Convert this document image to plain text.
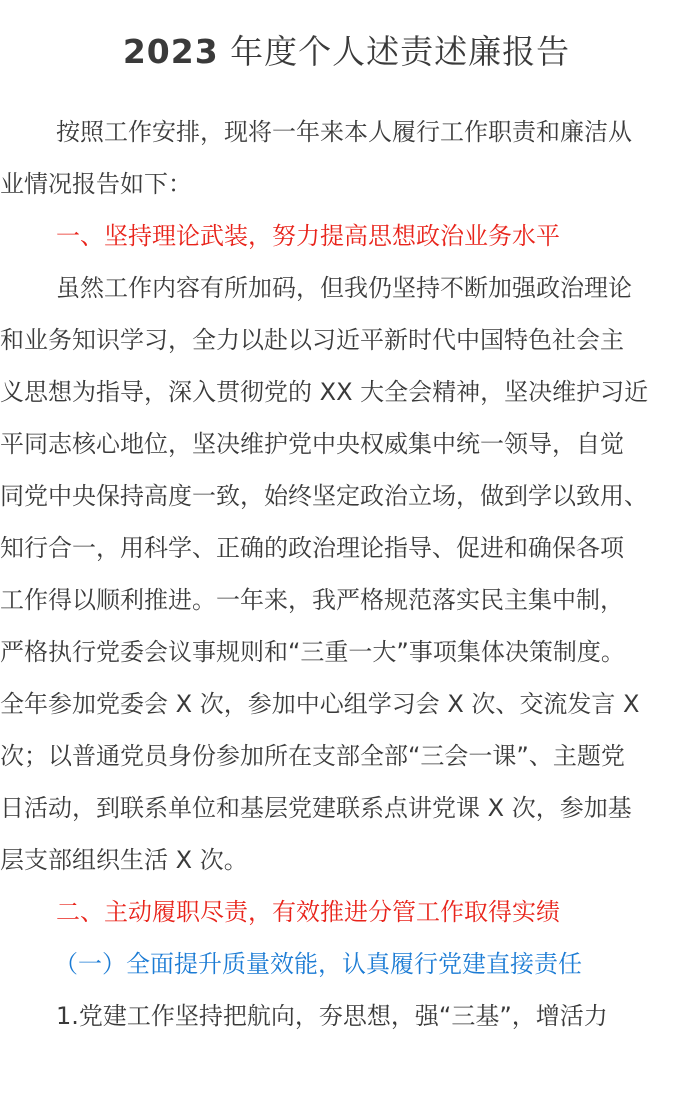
2023 年度个人述责述廉报告
按照工作安排，现将一年来本人履行工作职责和廉洁从
业情况报告如下：
一、坚持理论武装，努力提高思想政治业务水平
虽然工作内容有所加码，但我仍坚持不断加强政治理论
和业务知识学习，全力以赴以习近平新时代中国特色社会主
义思想为指导，深入贯彻党的 XX 大全会精神，坚决维护习近
平同志核心地位，坚决维护党中央权威集中统一领导，自觉
同党中央保持高度一致，始终坚定政治立场，做到学以致用、
知行合一，用科学、正确的政治理论指导、促进和确保各项
工作得以顺利推进。一年来，我严格规范落实民主集中制，
严格执行党委会议事规则和“三重一大”事项集体决策制度。
全年参加党委会 X 次，参加中心组学习会 X 次、交流发言 X
次；以普通党员身份参加所在支部全部“三会一课”、主题党
日活动，到联系单位和基层党建联系点讲党课 X 次，参加基
层支部组织生活 X 次。
二、主动履职尽责，有效推进分管工作取得实绩
（一）全面提升质量效能，认真履行党建直接责任
1.党建工作坚持把航向，夯思想，强“三基”，增活力
